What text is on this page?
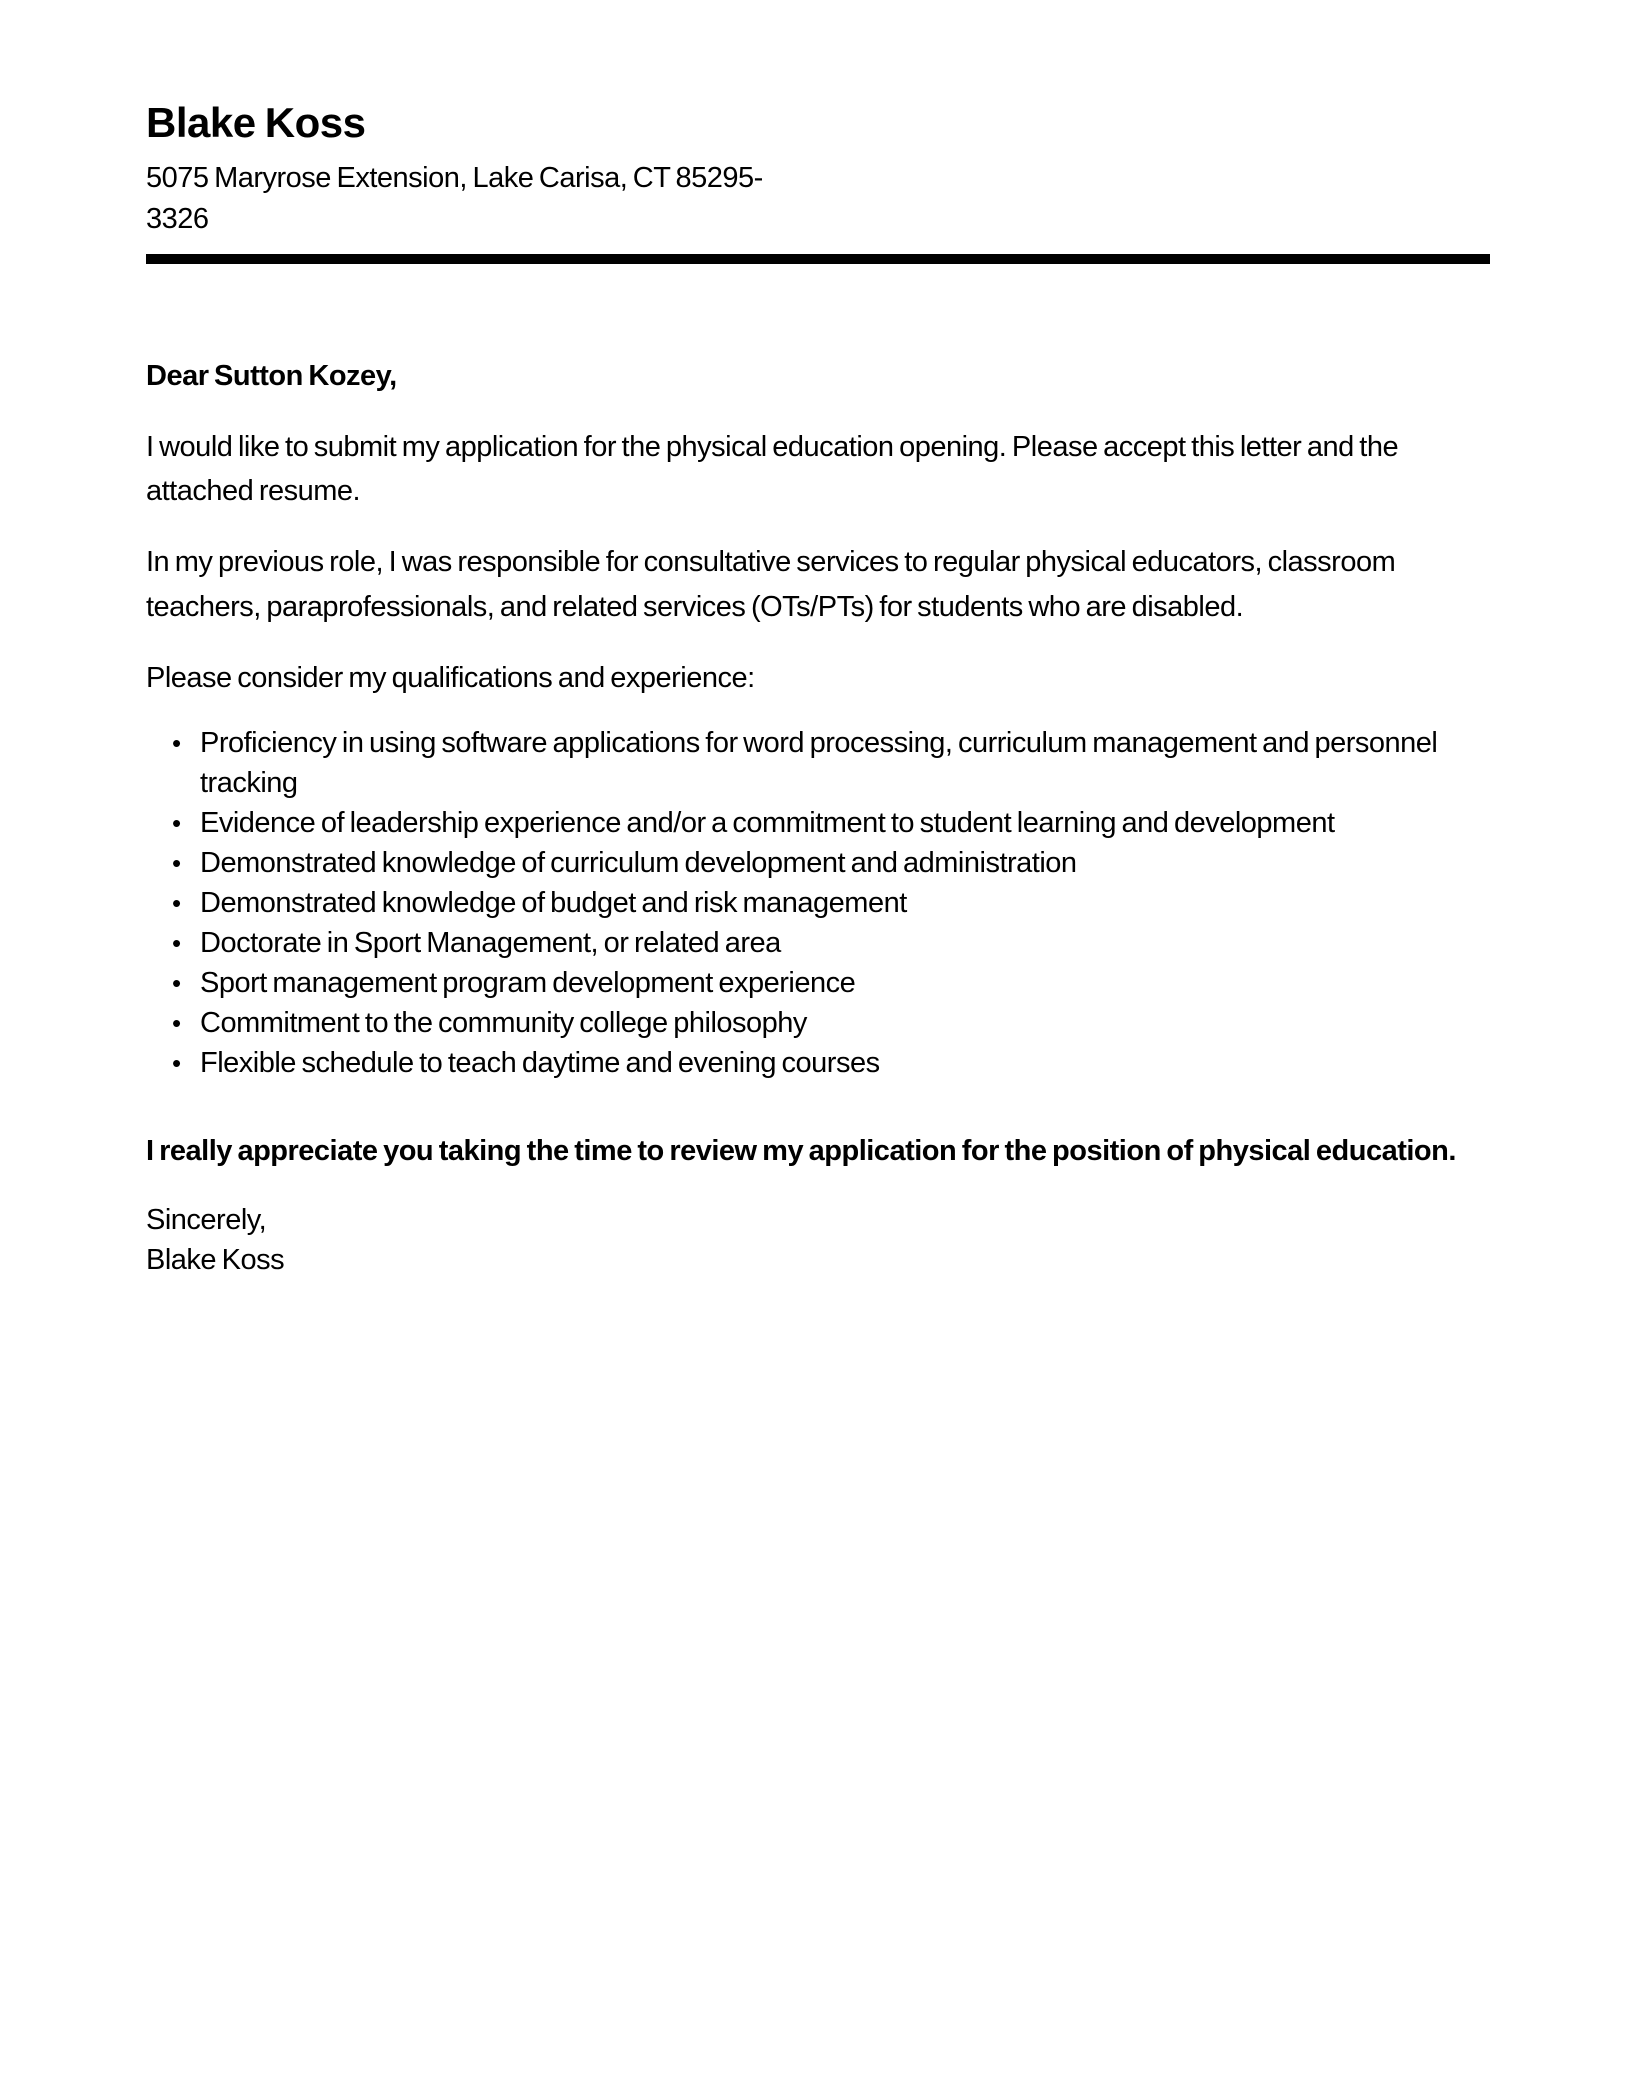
Blake Koss
5075 Maryrose Extension, Lake Carisa, CT 85295-
3326
Dear Sutton Kozey,

I would like to submit my application for the physical education opening. Please accept this letter and the attached resume.

In my previous role, I was responsible for consultative services to regular physical educators, classroom teachers, paraprofessionals, and related services (OTs/PTs) for students who are disabled.

Please consider my qualifications and experience:

• Proficiency in using software applications for word processing, curriculum management and personnel tracking
• Evidence of leadership experience and/or a commitment to student learning and development
• Demonstrated knowledge of curriculum development and administration
• Demonstrated knowledge of budget and risk management
• Doctorate in Sport Management, or related area
• Sport management program development experience
• Commitment to the community college philosophy
• Flexible schedule to teach daytime and evening courses

I really appreciate you taking the time to review my application for the position of physical education.

Sincerely,
Blake Koss
